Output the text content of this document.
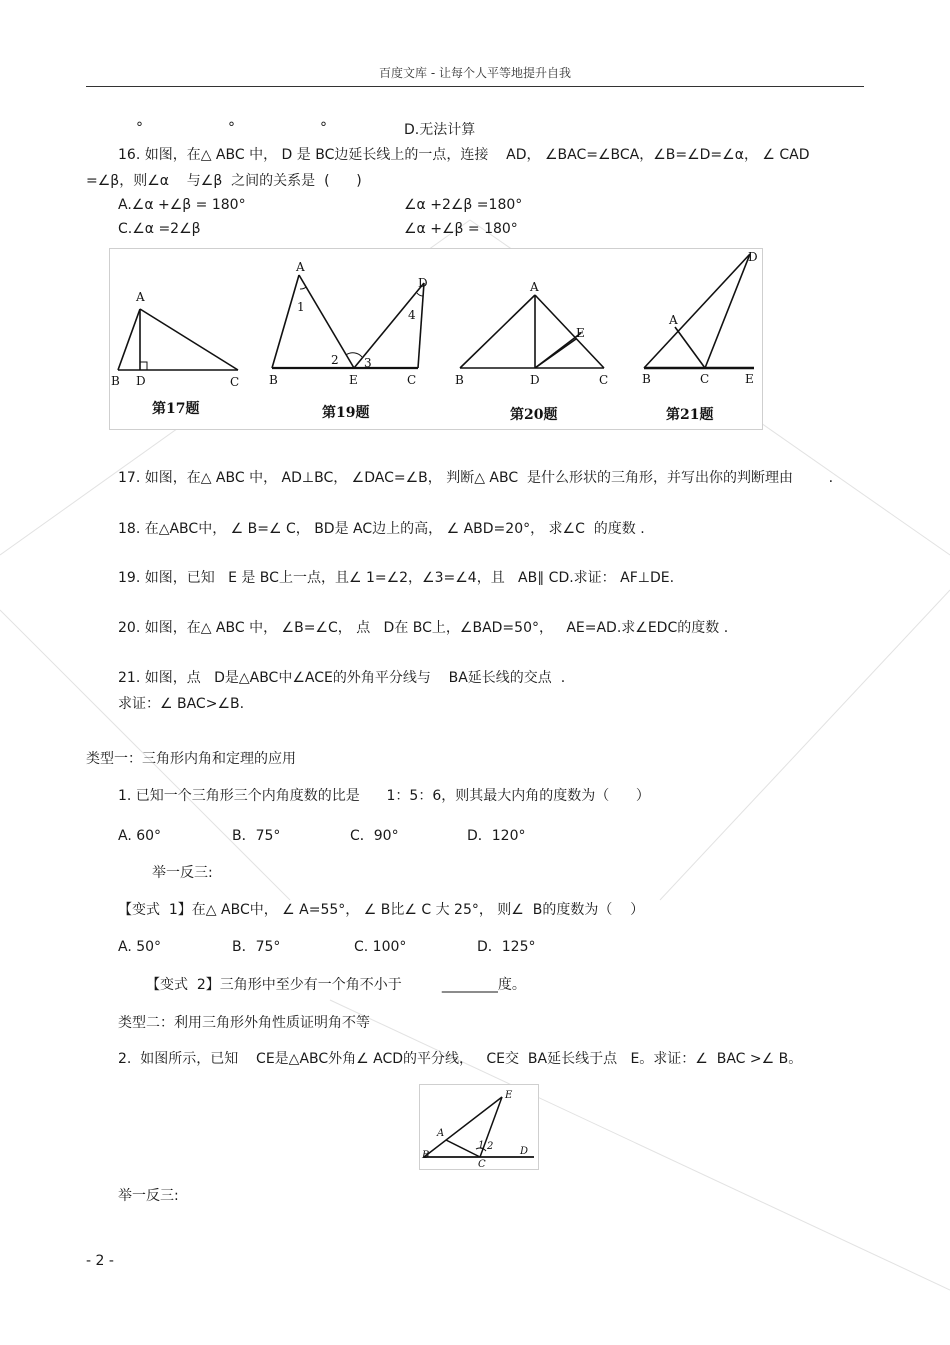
百度文库 - 让每个人平等地提升自我
°	°	°	D.无法计算
16. 如图，在△ ABC 中， D 是 BC边延长线上的一点，连接    AD， ∠BAC=∠BCA，∠B=∠D=∠α， ∠ CAD
=∠β，则∠α    与∠β  之间的关系是  (      )
A.∠α +∠β = 180°	∠α +2∠β =180°
C.∠α =2∠β	∠α +∠β = 180°
A
B D	C
A
1
D
4
2 3
B	E	C
A
E
B	D	C
D
A
B	C	E
第17题	第19题	第20题	第21题
17. 如图，在△ ABC 中， AD⊥BC， ∠DAC=∠B， 判断△ ABC  是什么形状的三角形，并写出你的判断理由        .
18. 在△ABC中， ∠ B=∠ C， BD是 AC边上的高， ∠ ABD=20°， 求∠C  的度数 .
19. 如图，已知   E 是 BC上一点，且∠ 1=∠2，∠3=∠4，且   AB∥ CD.求证： AF⊥DE.
20. 如图，在△ ABC 中， ∠B=∠C， 点   D在 BC上，∠BAD=50°，   AE=AD.求∠EDC的度数 .
21. 如图，点   D是△ABC中∠ACE的外角平分线与    BA延长线的交点  .
求证：∠ BAC>∠B.
类型一：三角形内角和定理的应用
1. 已知一个三角形三个内角度数的比是      1：5：6，则其最大内角的度数为（      ）
A. 60°	B．75°	C．90°	D．120°
举一反三:
【变式  1】在△ ABC中， ∠ A=55°， ∠ B比∠ C 大 25°， 则∠  B的度数为（    ）
A. 50°	B．75°	C. 100°	D．125°
【变式  2】三角形中至少有一个角不小于         ________度。
类型二：利用三角形外角性质证明角不等
2.  如图所示，已知    CE是△ABC外角∠ ACD的平分线，   CE交  BA延长线于点   E。求证：∠  BAC >∠ B。
E
A
1 2
B
C
D
举一反三:
- 2 -
